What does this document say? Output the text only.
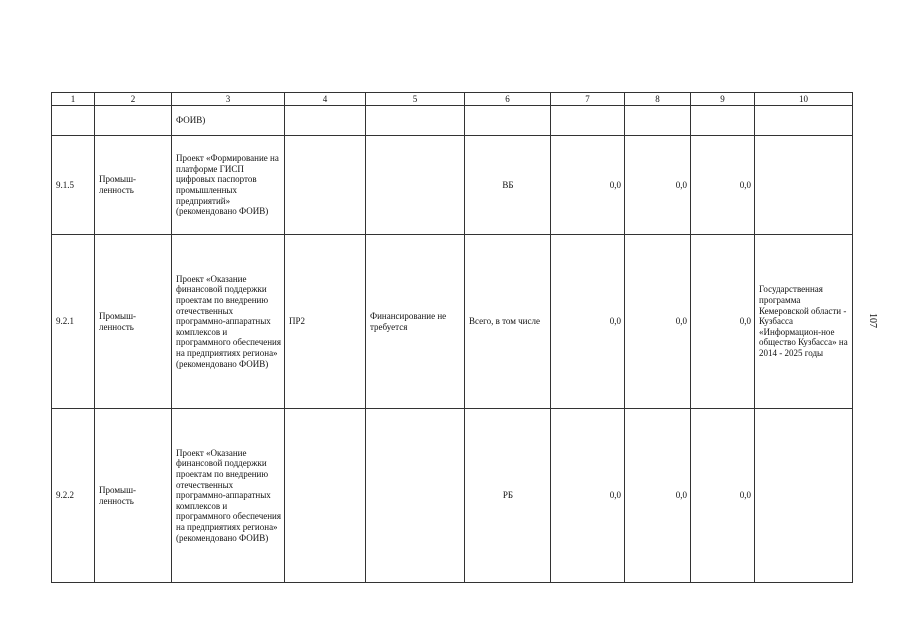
1	2	3	4	5	6	7	8	9	10
		ФОИВ)							
9.1.5	Промыш-ленность	Проект «Формирование на платформе ГИСП цифровых паспортов промышленных предприятий» (рекомендовано ФОИВ)			ВБ	0,0	0,0	0,0	
9.2.1	Промыш-ленность	Проект «Оказание финансовой поддержки проектам по внедрению отечественных программно-аппаратных комплексов и программного обеспечения на предприятиях региона» (рекомендовано ФОИВ)	ПР2	Финансирование не требуется	Всего, в том числе	0,0	0,0	0,0	Государственная программа Кемеровской области - Кузбасса «Информацион-ное общество Кузбасса» на 2014 - 2025 годы
9.2.2	Промыш-ленность	Проект «Оказание финансовой поддержки проектам по внедрению отечественных программно-аппаратных комплексов и программного обеспечения на предприятиях региона» (рекомендовано ФОИВ)			РБ	0,0	0,0	0,0	
107
